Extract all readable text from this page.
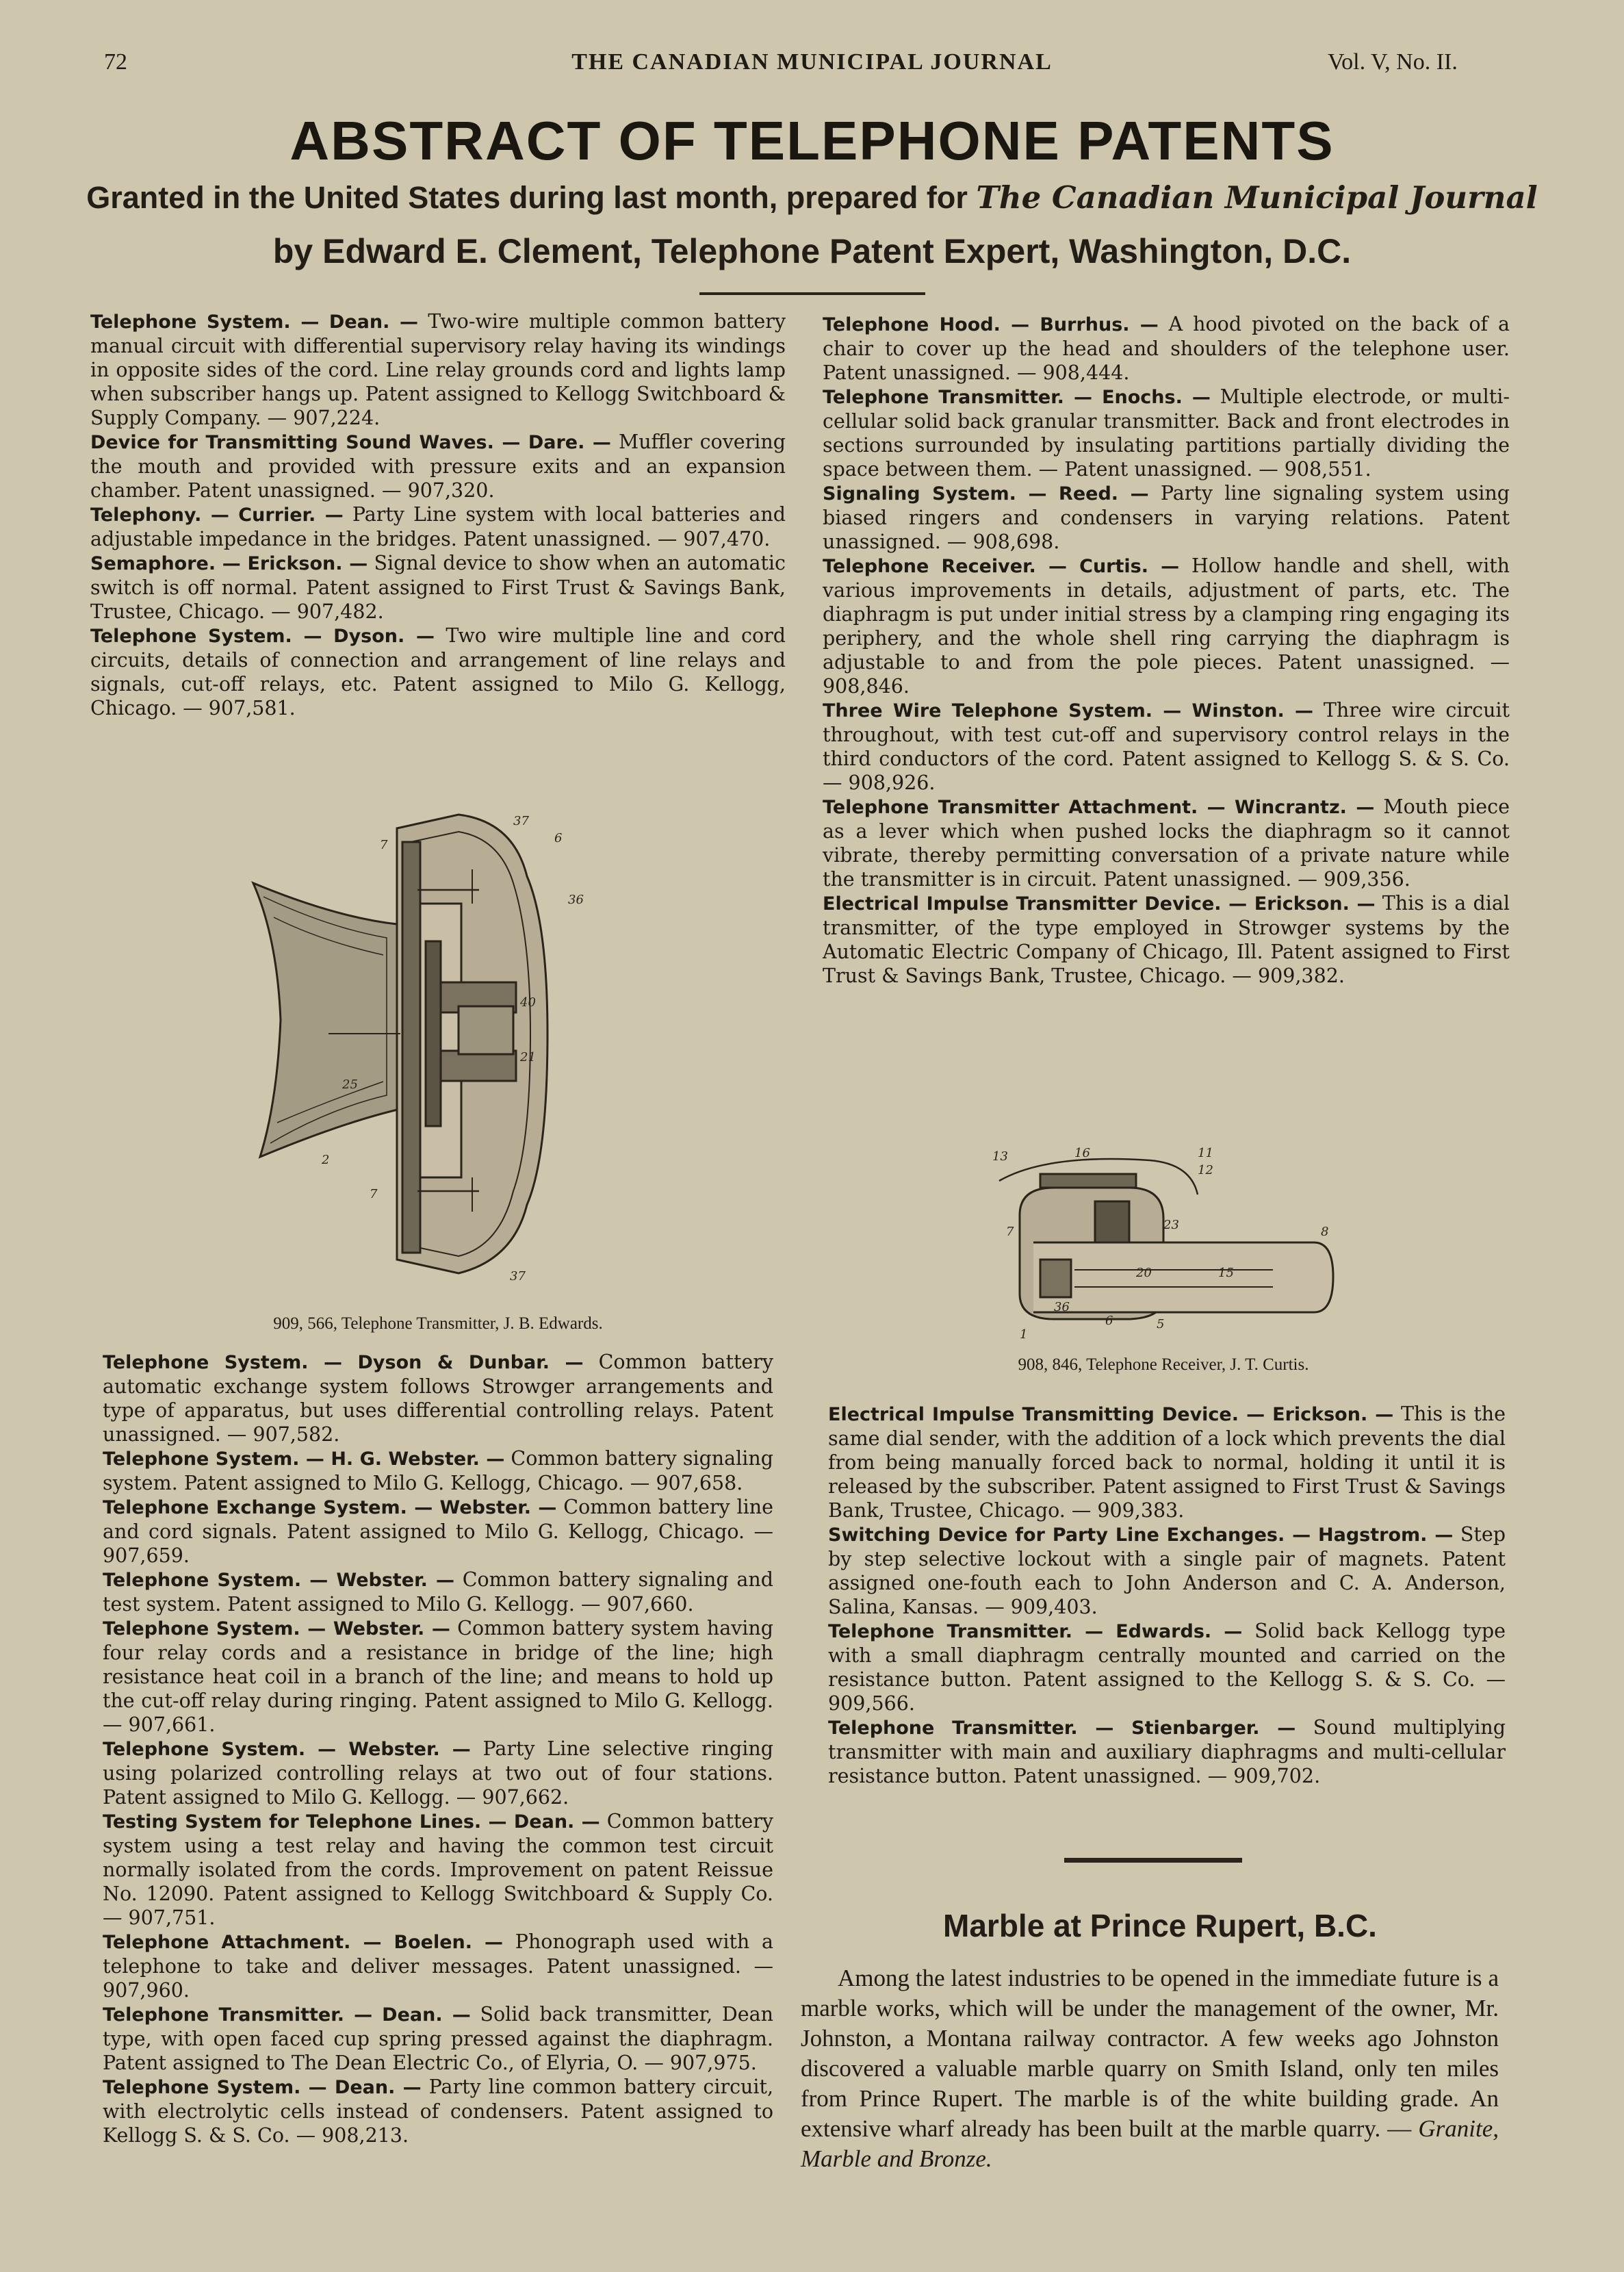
72	THE CANADIAN MUNICIPAL JOURNAL	Vol. V, No. II.
ABSTRACT OF TELEPHONE PATENTS
Granted in the United States during last month, prepared for The Canadian Municipal Journal
by Edward E. Clement, Telephone Patent Expert, Washington, D.C.

Telephone System. — Dean. — Two-wire multiple common battery manual circuit with differential supervisory relay having its windings in opposite sides of the cord. Line relay grounds cord and lights lamp when subscriber hangs up. Patent assigned to Kellogg Switchboard & Supply Company. — 907,224.

Device for Transmitting Sound Waves. — Dare. — Muffler covering the mouth and provided with pressure exits and an expansion chamber. Patent unassigned. — 907,320.

Telephony. — Currier. — Party Line system with local batteries and adjustable impedance in the bridges. Patent unassigned. — 907,470.

Semaphore. — Erickson. — Signal device to show when an automatic switch is off normal. Patent assigned to First Trust & Savings Bank, Trustee, Chicago. — 907,482.

Telephone System. — Dyson. — Two wire multiple line and cord circuits, details of connection and arrangement of line relays and signals, cut-off relays, etc. Patent assigned to Milo G. Kellogg, Chicago. — 907,581.

37
6
7
36
40
21
25
2
7
37
909, 566, Telephone Transmitter, J. B. Edwards.

Telephone System. — Dyson & Dunbar. — Common battery automatic exchange system follows Strowger arrangements and type of apparatus, but uses differential controlling relays. Patent unassigned. — 907,582.

Telephone System. — H. G. Webster. — Common battery signaling system. Patent assigned to Milo G. Kellogg, Chicago. — 907,658.

Telephone Exchange System. — Webster. — Common battery line and cord signals. Patent assigned to Milo G. Kellogg, Chicago. — 907,659.

Telephone System. — Webster. — Common battery signaling and test system. Patent assigned to Milo G. Kellogg. — 907,660.

Telephone System. — Webster. — Common battery system having four relay cords and a resistance in bridge of the line; high resistance heat coil in a branch of the line; and means to hold up the cut-off relay during ringing. Patent assigned to Milo G. Kellogg. — 907,661.

Telephone System. — Webster. — Party Line selective ringing using polarized controlling relays at two out of four stations. Patent assigned to Milo G. Kellogg. — 907,662.

Testing System for Telephone Lines. — Dean. — Common battery system using a test relay and having the common test circuit normally isolated from the cords. Improvement on patent Reissue No. 12090. Patent assigned to Kellogg Switchboard & Supply Co. — 907,751.

Telephone Attachment. — Boelen. — Phonograph used with a telephone to take and deliver messages. Patent unassigned. — 907,960.

Telephone Transmitter. — Dean. — Solid back transmitter, Dean type, with open faced cup spring pressed against the diaphragm. Patent assigned to The Dean Electric Co., of Elyria, O. — 907,975.

Telephone System. — Dean. — Party line common battery circuit, with electrolytic cells instead of condensers. Patent assigned to Kellogg S. & S. Co. — 908,213.

Telephone Hood. — Burrhus. — A hood pivoted on the back of a chair to cover up the head and shoulders of the telephone user. Patent unassigned. — 908,444.

Telephone Transmitter. — Enochs. — Multiple electrode, or multi-cellular solid back granular transmitter. Back and front electrodes in sections surrounded by insulating partitions partially dividing the space between them. — Patent unassigned. — 908,551.

Signaling System. — Reed. — Party line signaling system using biased ringers and condensers in varying relations. Patent unassigned. — 908,698.

Telephone Receiver. — Curtis. — Hollow handle and shell, with various improvements in details, adjustment of parts, etc. The diaphragm is put under initial stress by a clamping ring engaging its periphery, and the whole shell ring carrying the diaphragm is adjustable to and from the pole pieces. Patent unassigned. — 908,846.

Three Wire Telephone System. — Winston. — Three wire circuit throughout, with test cut-off and supervisory control relays in the third conductors of the cord. Patent assigned to Kellogg S. & S. Co. — 908,926.

Telephone Transmitter Attachment. — Wincrantz. — Mouth piece as a lever which when pushed locks the diaphragm so it cannot vibrate, thereby permitting conversation of a private nature while the transmitter is in circuit. Patent unassigned. — 909,356.

Electrical Impulse Transmitter Device. — Erickson. — This is a dial transmitter, of the type employed in Strowger systems by the Automatic Electric Company of Chicago, Ill. Patent assigned to First Trust & Savings Bank, Trustee, Chicago. — 909,382.

13	16	11
12
7	23	8
20	15
36
6	5
1
908, 846, Telephone Receiver, J. T. Curtis.

Electrical Impulse Transmitting Device. — Erickson. — This is the same dial sender, with the addition of a lock which prevents the dial from being manually forced back to normal, holding it until it is released by the subscriber. Patent assigned to First Trust & Savings Bank, Trustee, Chicago. — 909,383.

Switching Device for Party Line Exchanges. — Hagstrom. — Step by step selective lockout with a single pair of magnets. Patent assigned one-fouth each to John Anderson and C. A. Anderson, Salina, Kansas. — 909,403.

Telephone Transmitter. — Edwards. — Solid back Kellogg type with a small diaphragm centrally mounted and carried on the resistance button. Patent assigned to the Kellogg S. & S. Co. — 909,566.

Telephone Transmitter. — Stienbarger. — Sound multiplying transmitter with main and auxiliary diaphragms and multi-cellular resistance button. Patent unassigned. — 909,702.

Marble at Prince Rupert, B.C.

Among the latest industries to be opened in the immediate future is a marble works, which will be under the management of the owner, Mr. Johnston, a Montana railway contractor. A few weeks ago Johnston discovered a valuable marble quarry on Smith Island, only ten miles from Prince Rupert. The marble is of the white building grade. An extensive wharf already has been built at the marble quarry. — Granite, Marble and Bronze.
